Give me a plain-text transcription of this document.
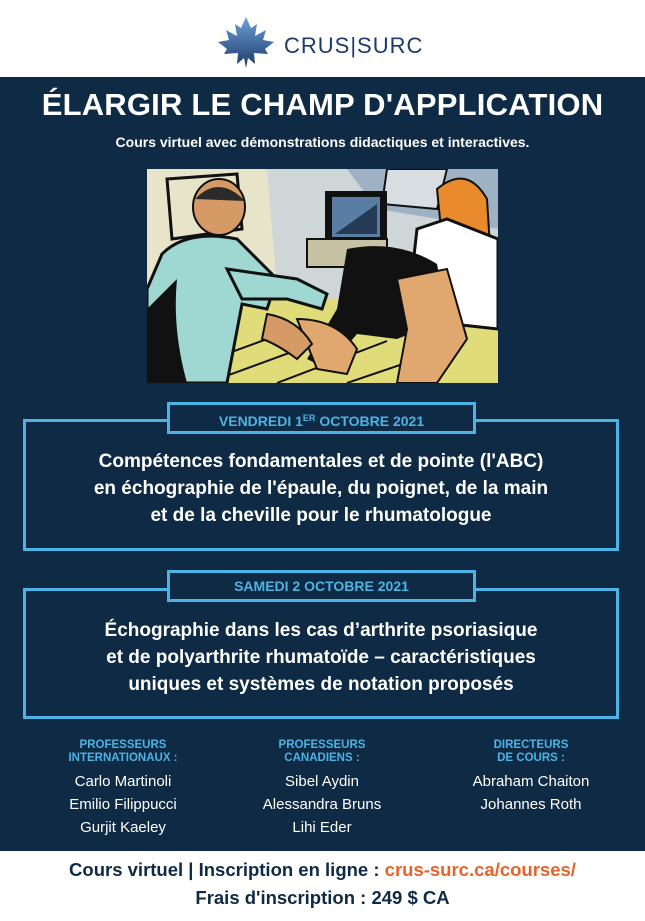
CRUS|SURC
ÉLARGIR LE CHAMP D'APPLICATION
Cours virtuel avec démonstrations didactiques et interactives.
Compétences fondamentales et de pointe (l'ABC)
en échographie de l'épaule, du poignet, de la main
et de la cheville pour le rhumatologue
VENDREDI 1ER OCTOBRE 2021
Échographie dans les cas d’arthrite psoriasique
et de polyarthrite rhumatoïde – caractéristiques
uniques et systèmes de notation proposés
SAMEDI 2 OCTOBRE 2021
PROFESSEURS
INTERNATIONAUX :
Carlo Martinoli
Emilio Filippucci
Gurjit Kaeley
PROFESSEURS
CANADIENS :
Sibel Aydin
Alessandra Bruns
Lihi Eder
DIRECTEURS
DE COURS :
Abraham Chaiton
Johannes Roth
Cours virtuel | Inscription en ligne : crus-surc.ca/courses/
Frais d'inscription : 249 $ CA
